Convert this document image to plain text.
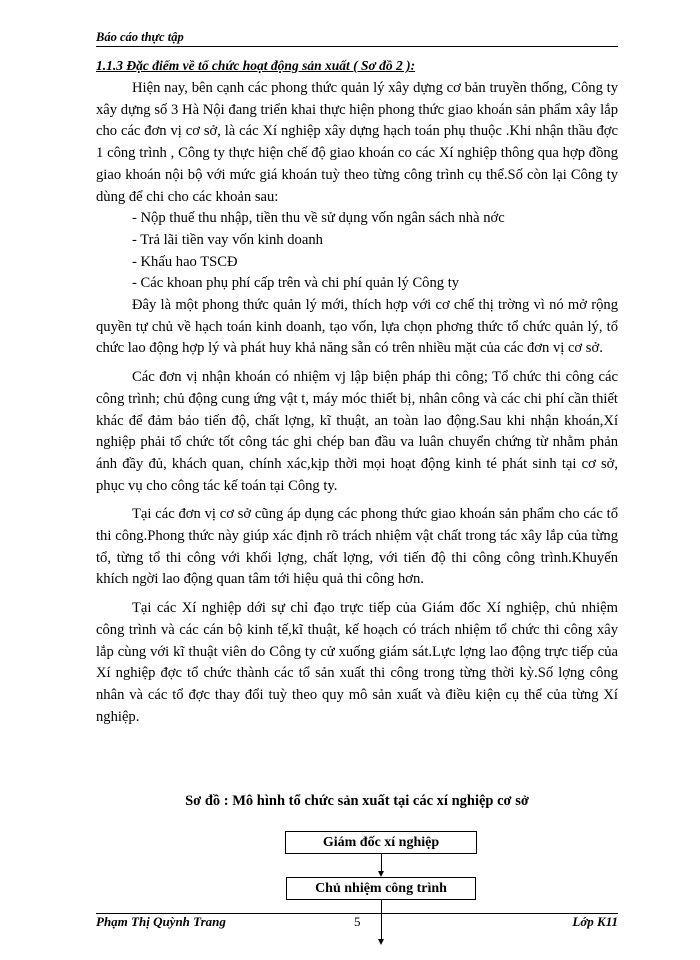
Báo cáo thực tập
1.1.3 Đặc điểm về tổ chức hoạt động sản xuất ( Sơ đồ 2 ):

Hiện nay, bên cạnh các phong thức quản lý xây dựng cơ bản truyền thống, Công ty xây dựng số 3 Hà Nội đang triển khai thực hiện phong thức giao khoán sản phẩm xây lắp cho các đơn vị cơ sở, là các Xí nghiệp xây dựng hạch toán phụ thuộc .Khi nhận thầu đợc 1 công trình , Công ty thực hiện chế độ giao khoán co các Xí nghiệp thông qua hợp đồng giao khoán nội bộ với mức giá khoán tuỳ theo từng công trình cụ thể.Số còn lại Công ty dùng để chi cho các khoản sau:

- Nộp thuế thu nhập, tiền thu về sử dụng vốn ngân sách nhà nớc
- Trả lãi tiền vay vốn kinh doanh
- Khấu hao TSCĐ
- Các khoan phụ phí cấp trên và chi phí quản lý Công ty

Đây là một phong thức quản lý mới, thích hợp với cơ chế thị trờng vì nó mở rộng quyền tự chủ về hạch toán kinh doanh, tạo vốn, lựa chọn phơng thức tổ chức quản lý, tổ chức lao động hợp lý và phát huy khả năng sẵn có trên nhiều mặt của các đơn vị cơ sở.

Các đơn vị nhận khoán có nhiệm vj lập biện pháp thi công; Tổ chức thi công các công trình; chủ động cung ứng vật t, máy móc thiết bị, nhân công và các chi phí cần thiết khác để đảm bảo tiến độ, chất lợng, kĩ thuật, an toàn lao động.Sau khi nhận khoán,Xí nghiệp phải tổ chức tốt công tác ghi chép ban đầu va luân chuyển chứng từ nhằm phản ánh đầy đủ, khách quan, chính xác,kịp thời mọi hoạt động kinh té phát sinh tại cơ sở, phục vụ cho công tác kế toán tại Công ty.

Tại các đơn vị cơ sở cũng áp dụng các phong thức giao khoán sản phẩm cho các tổ thi công.Phong thức này giúp xác định rõ trách nhiệm vật chất trong tác xây lắp của từng tổ, từng tổ thi công với khối lợng, chất lợng, với tiến độ thi công công trình.Khuyến khích ngời lao động quan tâm tới hiệu quả thi công hơn.

Tại các Xí nghiệp dới sự chỉ đạo trực tiếp của Giám đốc Xí nghiệp, chủ nhiệm công trình và các cán bộ kinh tế,kĩ thuật, kế hoạch có trách nhiệm tổ chức thi công xây lắp cùng với kĩ thuật viên do Công ty cử xuống giám sát.Lực lợng lao động trực tiếp của Xí nghiệp đợc tổ chức thành các tổ sản xuất thi công trong từng thời kỳ.Số lợng công nhân và các tổ đợc thay đổi tuỳ theo quy mô sản xuất và điều kiện cụ thể của từng Xí nghiệp.

Sơ đồ : Mô hình tổ chức sản xuất tại các xí nghiệp cơ sở
Giám đốc xí nghiệp
Chủ nhiệm công trình
Phạm Thị Quỳnh Trang	5	Lớp K11
